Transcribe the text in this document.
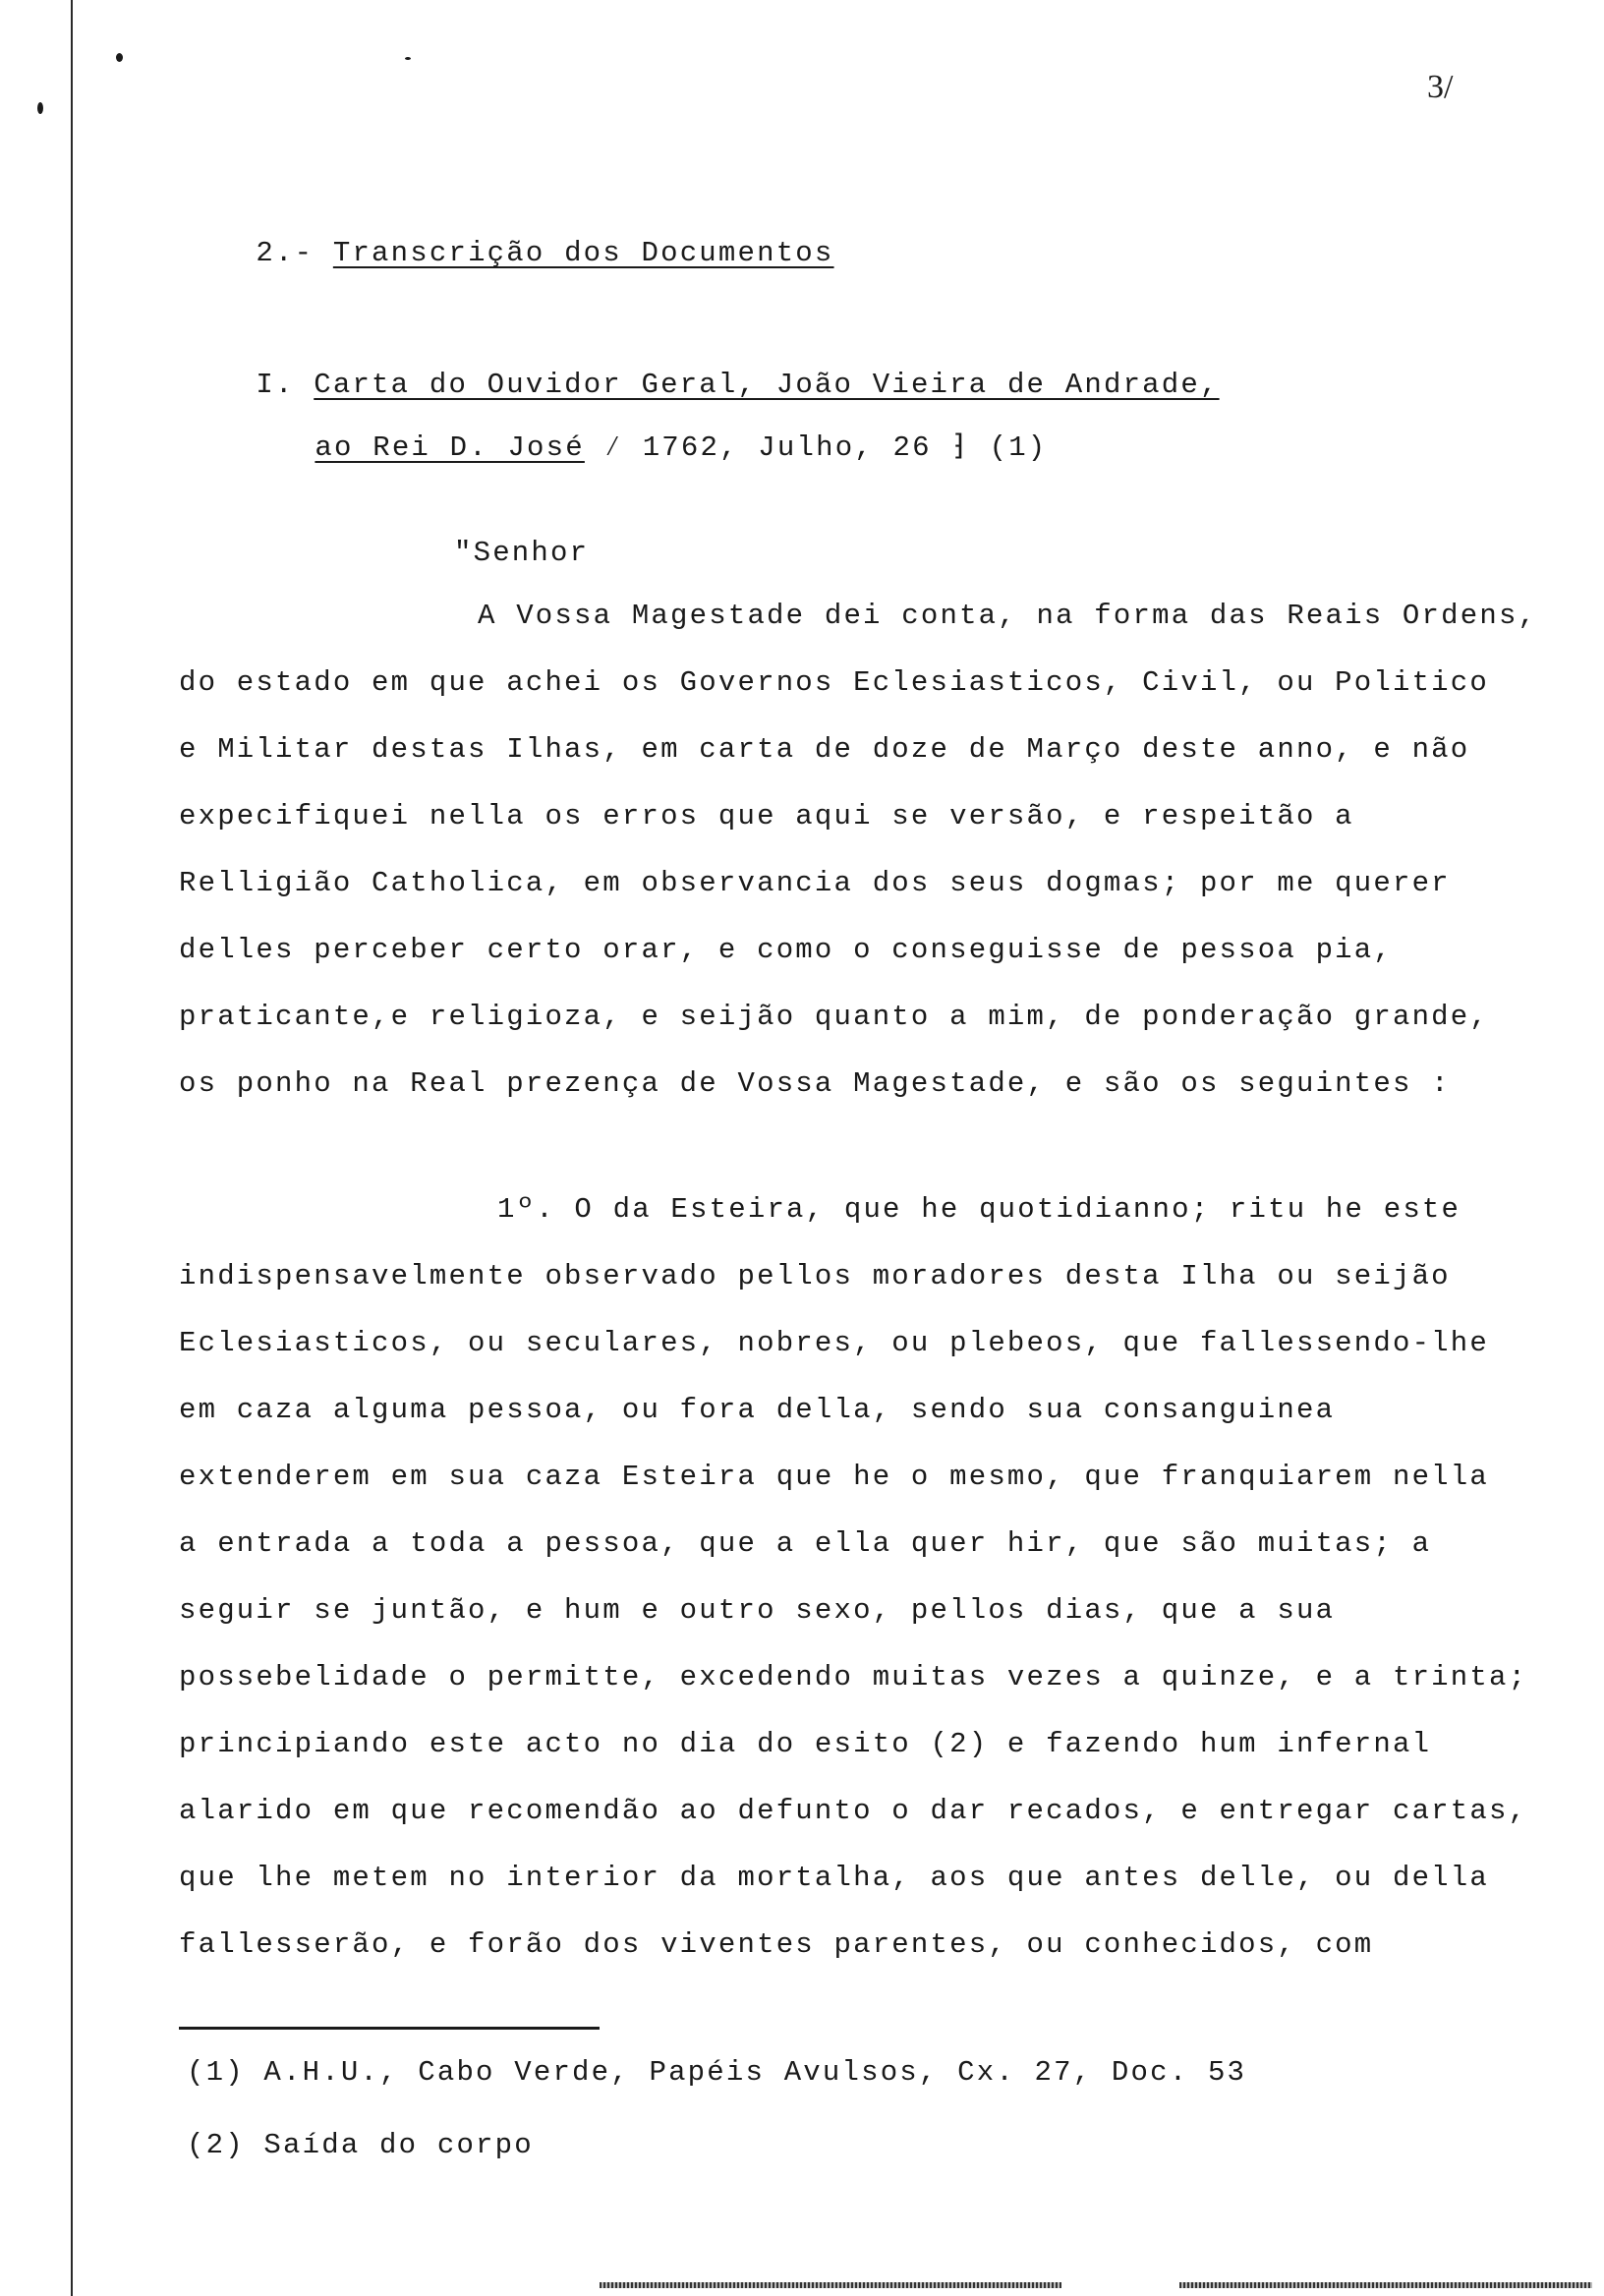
3/

2.- Transcrição dos Documentos

I. Carta do Ouvidor Geral, João Vieira de Andrade,

ao Rei D. José ⁄ 1762, Julho, 26 ⁆ (1)

"Senhor
A Vossa Magestade dei conta, na forma das Reais Ordens,
do estado em que achei os Governos Eclesiasticos, Civil, ou Politico
e Militar destas Ilhas, em carta de doze de Março deste anno, e não
expecifiquei nella os erros que aqui se versão, e respeitão a
Relligião Catholica, em observancia dos seus dogmas; por me querer
delles perceber certo orar, e como o conseguisse de pessoa pia,
praticante,e religioza, e seijão quanto a mim, de ponderação grande,
os ponho na Real prezença de Vossa Magestade, e são os seguintes :
1º. O da Esteira, que he quotidianno; ritu he este
indispensavelmente observado pellos moradores desta Ilha ou seijão
Eclesiasticos, ou seculares, nobres, ou plebeos, que fallessendo-lhe
em caza alguma pessoa, ou fora della, sendo sua consanguinea
extenderem em sua caza Esteira que he o mesmo, que franquiarem nella
a entrada a toda a pessoa, que a ella quer hir, que são muitas; a
seguir se juntão, e hum e outro sexo, pellos dias, que a sua
possebelidade o permitte, excedendo muitas vezes a quinze, e a trinta;
principiando este acto no dia do esito (2) e fazendo hum infernal
alarido em que recomendão ao defunto o dar recados, e entregar cartas,
que lhe metem no interior da mortalha, aos que antes delle, ou della
fallesserão, e forão dos viventes parentes, ou conhecidos, com
(1) A.H.U., Cabo Verde, Papéis Avulsos, Cx. 27, Doc. 53
(2) Saída do corpo
